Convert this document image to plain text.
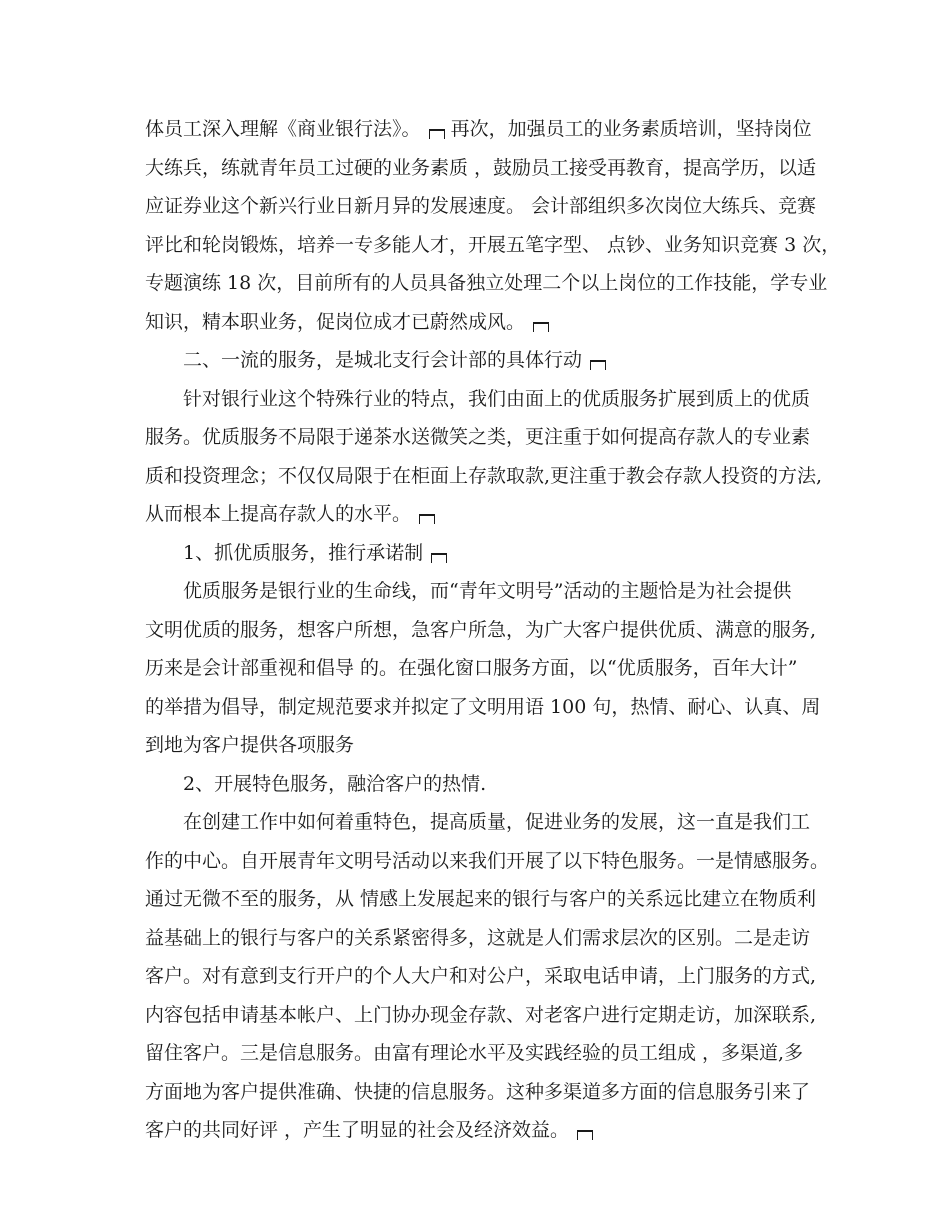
体员工深入理解《商业银行法》。 再次，加强员工的业务素质培训，坚持岗位
大练兵，练就青年员工过硬的业务素质 ，鼓励员工接受再教育，提高学历，以适
应证券业这个新兴行业日新月异的发展速度。 会计部组织多次岗位大练兵、竞赛
评比和轮岗锻炼，培养一专多能人才，开展五笔字型、 点钞、业务知识竞赛 3 次，
专题演练 18 次，目前所有的人员具备独立处理二个以上岗位的工作技能，学专业
知识，精本职业务，促岗位成才已蔚然成风。
二、一流的服务，是城北支行会计部的具体行动
针对银行业这个特殊行业的特点，我们由面上的优质服务扩展到质上的优质
服务。优质服务不局限于递茶水送微笑之类，更注重于如何提高存款人的专业素
质和投资理念；不仅仅局限于在柜面上存款取款,更注重于教会存款人投资的方法,
从而根本上提高存款人的水平。
1、抓优质服务，推行承诺制
优质服务是银行业的生命线，而“青年文明号”活动的主题恰是为社会提供
文明优质的服务，想客户所想，急客户所急，为广大客户提供优质、满意的服务,
历来是会计部重视和倡导 的。在强化窗口服务方面，以“优质服务，百年大计”
的举措为倡导，制定规范要求并拟定了文明用语 100 句，热情、耐心、认真、周
到地为客户提供各项服务
2、开展特色服务，融洽客户的热情.
在创建工作中如何着重特色，提高质量，促进业务的发展，这一直是我们工
作的中心。自开展青年文明号活动以来我们开展了以下特色服务。一是情感服务。
通过无微不至的服务，从 情感上发展起来的银行与客户的关系远比建立在物质利
益基础上的银行与客户的关系紧密得多，这就是人们需求层次的区别。二是走访
客户。对有意到支行开户的个人大户和对公户，采取电话申请，上门服务的方式,
内容包括申请基本帐户、上门协办现金存款、对老客户进行定期走访，加深联系,
留住客户。三是信息服务。由富有理论水平及实践经验的员工组成 ，多渠道,多
方面地为客户提供准确、快捷的信息服务。这种多渠道多方面的信息服务引来了
客户的共同好评 ，产生了明显的社会及经济效益。
